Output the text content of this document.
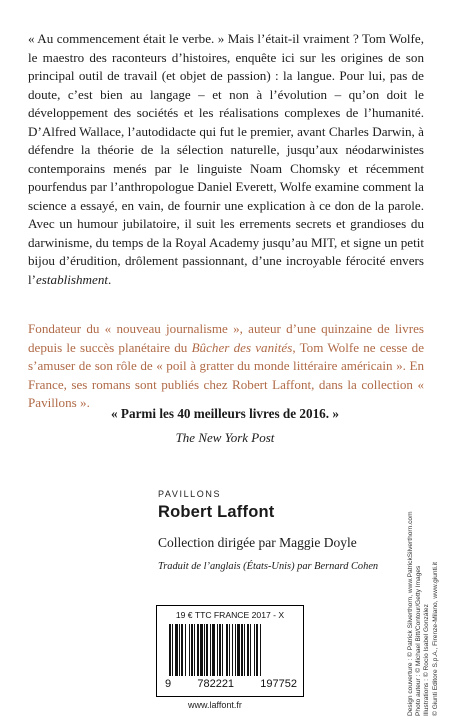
« Au commencement était le verbe. » Mais l’était-il vraiment ? Tom Wolfe, le maestro des raconteurs d’histoires, enquête ici sur les origines de son principal outil de travail (et objet de passion) : la langue. Pour lui, pas de doute, c’est bien au langage – et non à l’évolution – qu’on doit le développement des sociétés et les réalisations complexes de l’humanité. D’Alfred Wallace, l’autodidacte qui fut le premier, avant Charles Darwin, à défendre la théorie de la sélection naturelle, jusqu’aux néodarwinistes contemporains menés par le linguiste Noam Chomsky et récemment pourfendus par l’anthropologue Daniel Everett, Wolfe examine comment la science a essayé, en vain, de fournir une explication à ce don de la parole. Avec un humour jubilatoire, il suit les errements secrets et grandioses du darwinisme, du temps de la Royal Academy jusqu’au MIT, et signe un petit bijou d’érudition, drôlement passionnant, d’une incroyable férocité envers l’establishment.

Fondateur du « nouveau journalisme », auteur d’une quinzaine de livres depuis le succès planétaire du Bûcher des vanités, Tom Wolfe ne cesse de s’amuser de son rôle de « poil à gratter du monde littéraire américain ». En France, ses romans sont publiés chez Robert Laffont, dans la collection « Pavillons ».

« Parmi les 40 meilleurs livres de 2016. »
The New York Post
PAVILLONS
Robert Laffont
Collection dirigée par Maggie Doyle
Traduit de l’anglais (États-Unis) par Bernard Cohen
19 € TTC FRANCE 2017 - X
9 782221 197752
www.laffont.fr	Design couverture : © Patrick Silverthorn, www.PatrickSilverthorn.com Photo auteur : © Michael Bitt/Contour/Getty Images Illustrations : © Rocío Isabel González © Giunti Editore S.p.A., Firenze-Milano, www.giunti.it
